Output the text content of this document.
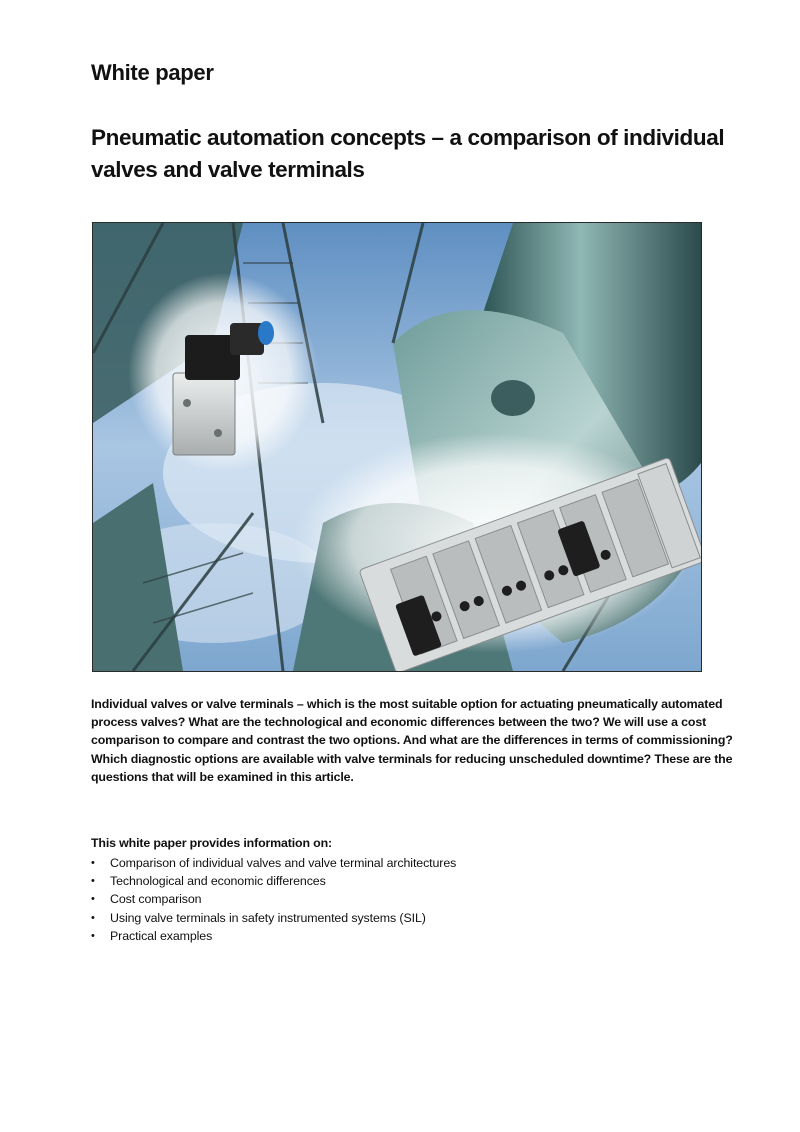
White paper
Pneumatic automation concepts – a comparison of individual valves and valve terminals

Individual valves or valve terminals – which is the most suitable option for actuating pneumatically automated process valves? What are the technological and economic differences between the two? We will use a cost comparison to compare and contrast the two options. And what are the differences in terms of commissioning? Which diagnostic options are available with valve terminals for reducing unscheduled downtime? These are the questions that will be examined in this article.

This white paper provides information on:

• Comparison of individual valves and valve terminal architectures
• Technological and economic differences
• Cost comparison
• Using valve terminals in safety instrumented systems (SIL)
• Practical examples
